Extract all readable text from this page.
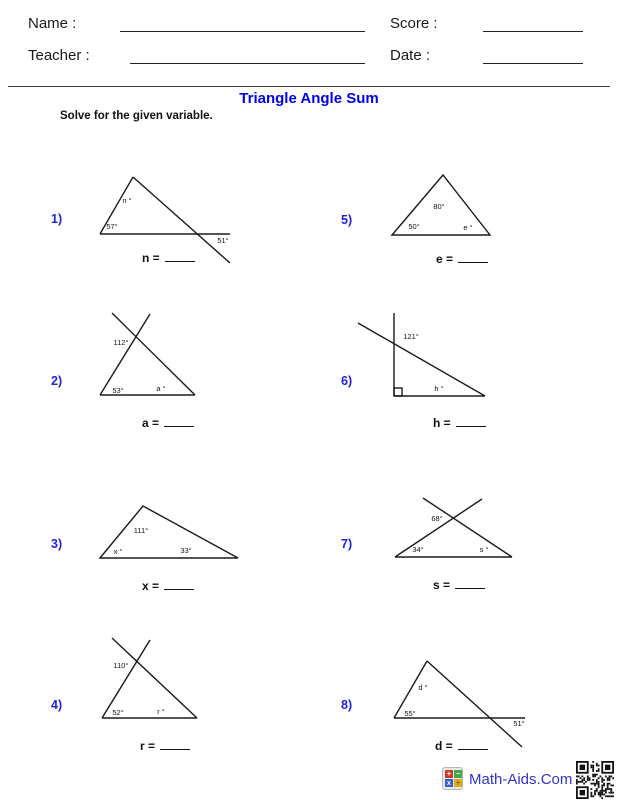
Name :	Score :
Teacher :	Date :
Triangle Angle Sum
Solve for the given variable.
1)
n °
57°
51°
n =
5)
80°
50°	e °
e =
2)
112°
53°	a °
a =
6)
121°
h °
h =
3)
111°
x °	33°
x =
7)
68°
34°	s °
s =
4)
110°
52°	r °
r =
8)
d °
55°
51°
d =
+ −
x ÷ Math-Aids.Com
